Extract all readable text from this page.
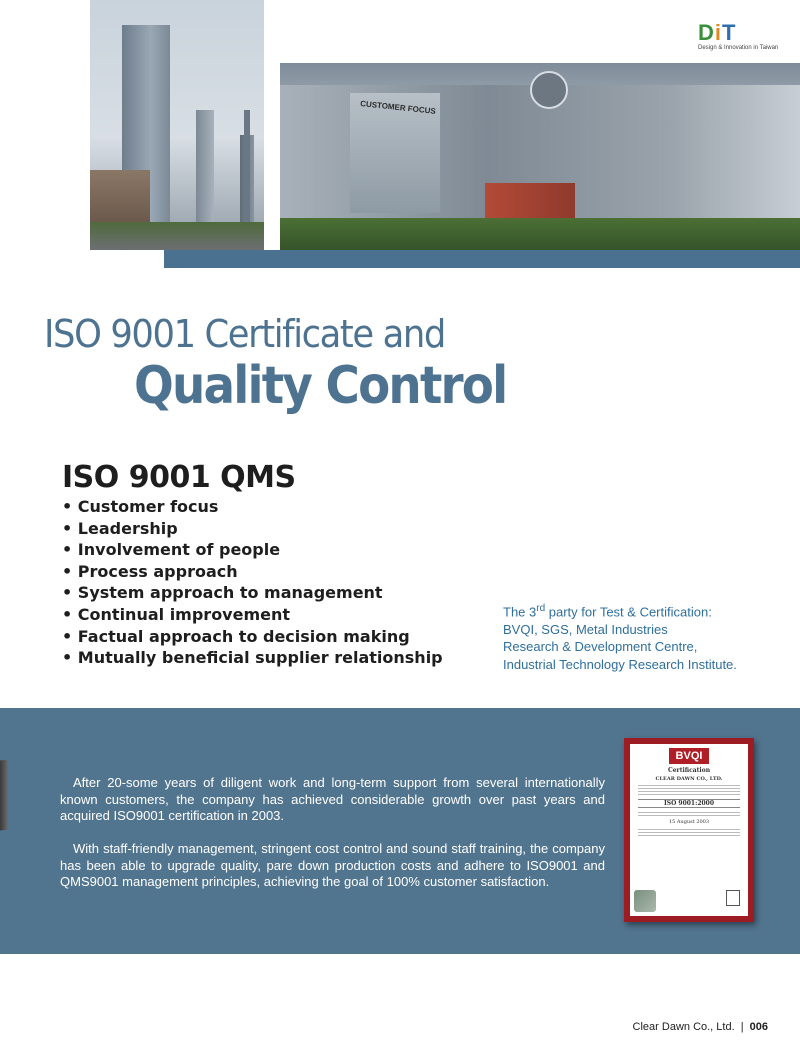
CUSTOMER FOCUS
DiT
Design & Innovation in Taiwan
ISO 9001 Certificate and
Quality Control
ISO 9001 QMS
• Customer focus
• Leadership
• Involvement of people
• Process approach
• System approach to management
• Continual improvement
• Factual approach to decision making
• Mutually beneficial supplier relationship
The 3rd party for Test & Certification:
BVQI, SGS, Metal Industries
Research & Development Centre,
Industrial Technology Research Institute.

After 20-some years of diligent work and long-term support from several internationally known customers, the company has achieved considerable growth over past years and acquired ISO9001 certification in 2003.

With staff-friendly management, stringent cost control and sound staff training, the company has been able to upgrade quality, pare down production costs and adhere to ISO9001 and QMS9001 management principles, achieving the goal of 100% customer satisfaction.

BVQI
Certification
CLEAR DAWN CO., LTD.
ISO 9001:2000
15 August 2003
Clear Dawn Co., Ltd. | 006
